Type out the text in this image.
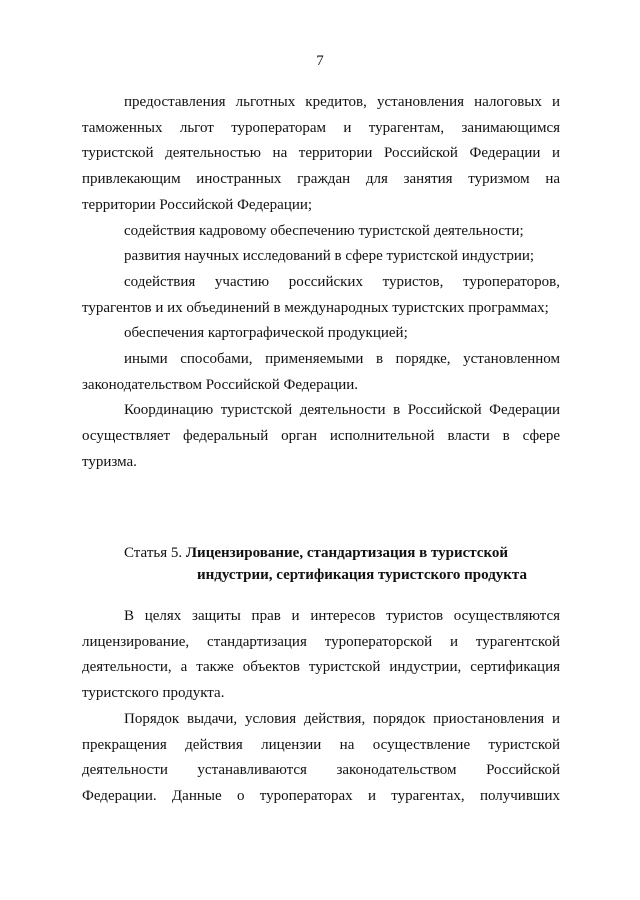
7

предоставления льготных кредитов, установления налоговых и таможенных льгот туроператорам и турагентам, занимающимся туристской деятельностью на территории Российской Федерации и привлекающим иностранных граждан для занятия туризмом на территории Российской Федерации;

содействия кадровому обеспечению туристской деятельности;

развития научных исследований в сфере туристской индустрии;

содействия участию российских туристов, туроператоров, турагентов и их объединений в международных туристских программах;

обеспечения картографической продукцией;

иными способами, применяемыми в порядке, установленном законодательством Российской Федерации.

Координацию туристской деятельности в Российской Федерации осуществляет федеральный орган исполнительной власти в сфере туризма.

Статья 5. Лицензирование, стандартизация в туристской
индустрии, сертификация туристского продукта

В целях защиты прав и интересов туристов осуществляются лицензирование, стандартизация туроператорской и турагентской деятельности, а также объектов туристской индустрии, сертификация туристского продукта.

Порядок выдачи, условия действия, порядок приостановления и прекращения действия лицензии на осуществление туристской деятельности устанавливаются законодательством Российской Федерации. Данные о туроператорах и турагентах, получивших
